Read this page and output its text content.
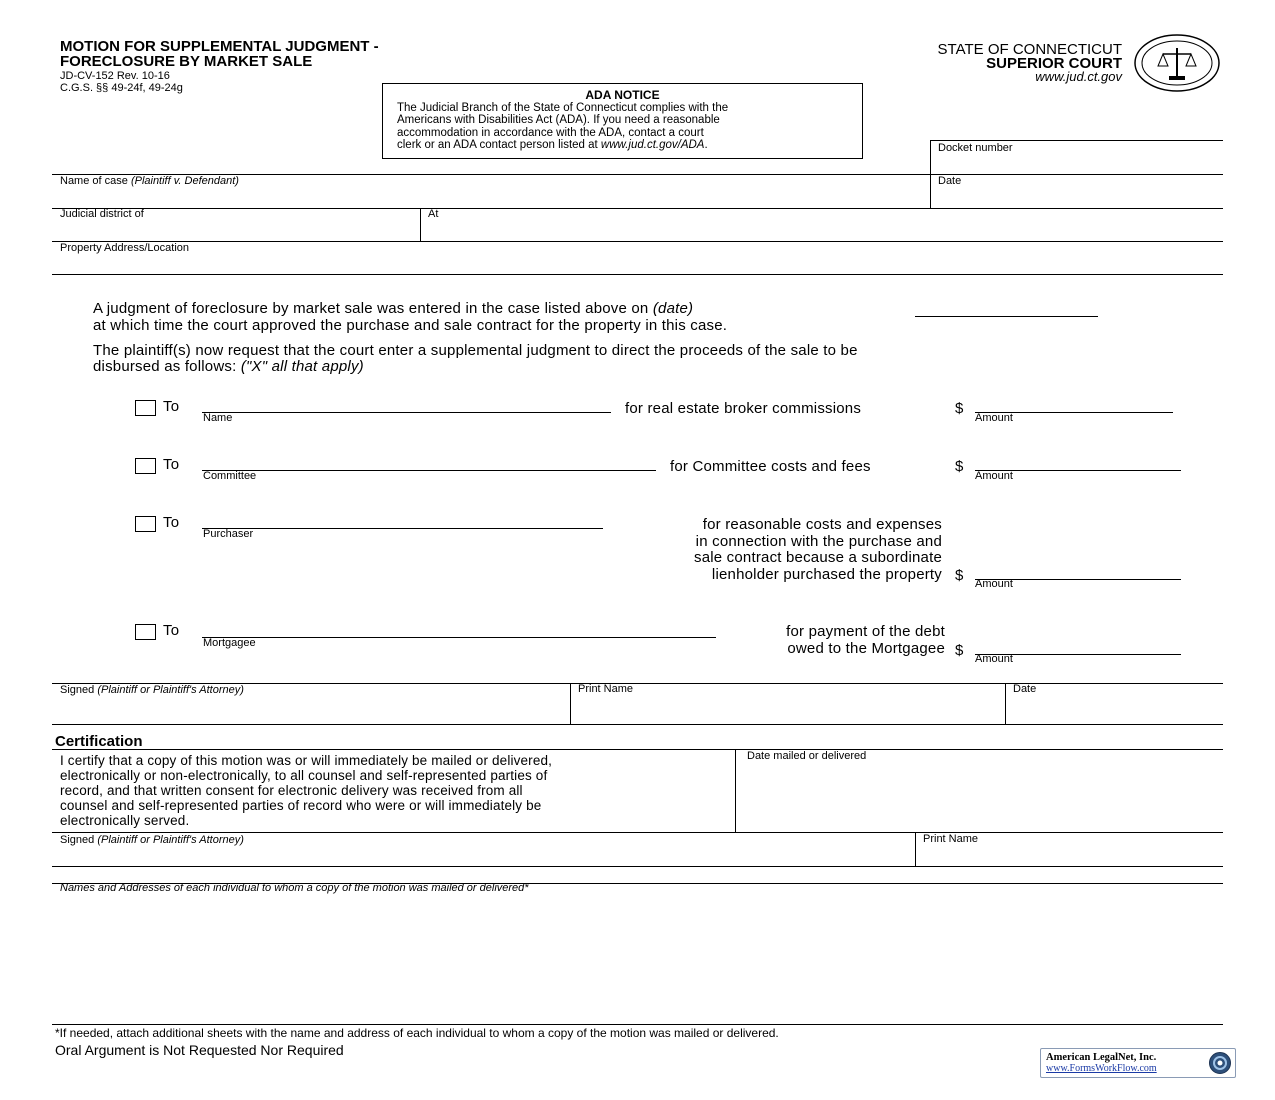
MOTION FOR SUPPLEMENTAL JUDGMENT -
FORECLOSURE BY MARKET SALE
JD-CV-152 Rev. 10-16
C.G.S. §§ 49-24f, 49-24g
STATE OF CONNECTICUT
SUPERIOR COURT
www.jud.ct.gov
ADA NOTICE
The Judicial Branch of the State of Connecticut complies with the
Americans with Disabilities Act (ADA). If you need a reasonable
accommodation in accordance with the ADA, contact a court
clerk or an ADA contact person listed at www.jud.ct.gov/ADA.	Docket number
Name of case (Plaintiff v. Defendant)	Date
Judicial district of	At
Property Address/Location
A judgment of foreclosure by market sale was entered in the case listed above on (date)
at which time the court approved the purchase and sale contract for the property in this case.
The plaintiff(s) now request that the court enter a supplemental judgment to direct the proceeds of the sale to be
disbursed as follows: ("X" all that apply)
To
Name
for real estate broker commissions	$
Amount
To
Committee
for Committee costs and fees	$
Amount
To
Purchaser
for reasonable costs and expenses
in connection with the purchase and
sale contract because a subordinate
lienholder purchased the property $ Amount
To
Mortgagee
for payment of the debt
owed to the Mortgagee $ Amount
Signed (Plaintiff or Plaintiff's Attorney)	Print Name	Date
Certification
I certify that a copy of this motion was or will immediately be mailed or delivered,
electronically or non-electronically, to all counsel and self-represented parties of
record, and that written consent for electronic delivery was received from all
counsel and self-represented parties of record who were or will immediately be
electronically served.
Date mailed or delivered
Signed (Plaintiff or Plaintiff's Attorney)	Print Name
Names and Addresses of each individual to whom a copy of the motion was mailed or delivered*
*If needed, attach additional sheets with the name and address of each individual to whom a copy of the motion was mailed or delivered.
Oral Argument is Not Requested Nor Required	American LegalNet, Inc.
www.FormsWorkFlow.com
